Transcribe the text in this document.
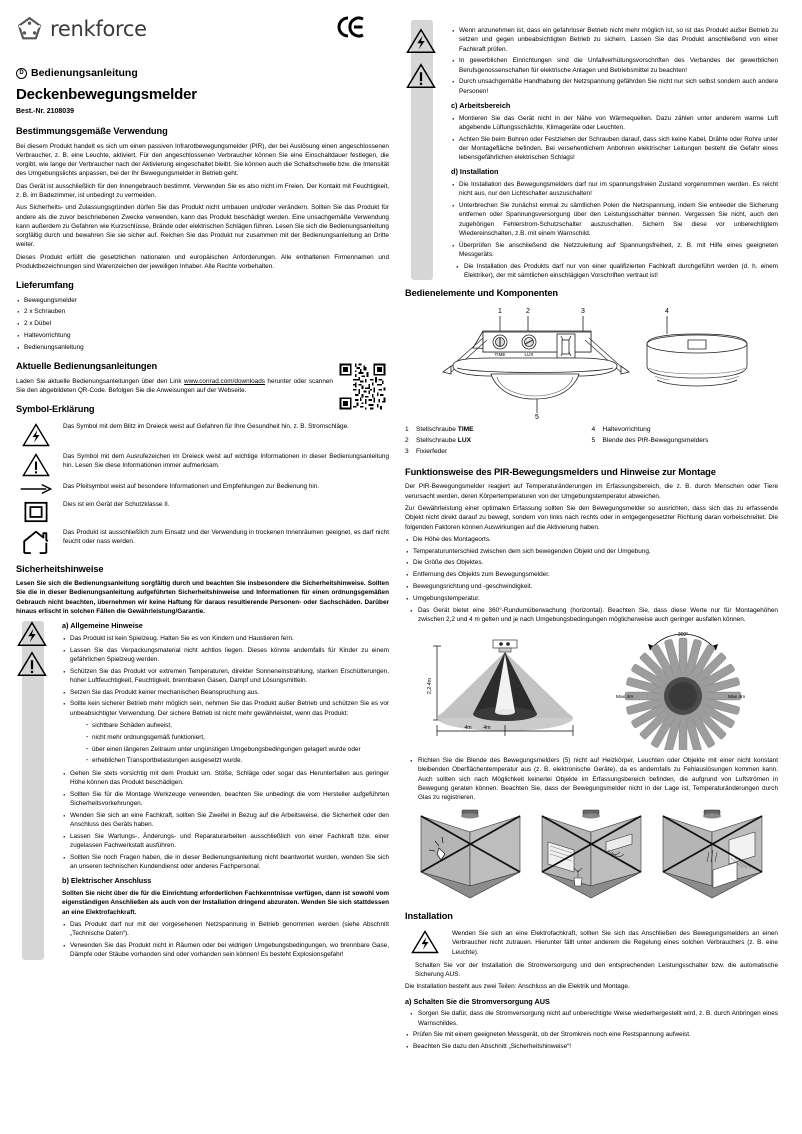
renkforce
D Bedienungsanleitung
Deckenbewegungsmelder
Best.-Nr. 2108039
Bestimmungsgemäße Verwendung

Bei diesem Produkt handelt es sich um einen passiven Infrarotbewegungsmelder (PIR), der bei Auslösung einen angeschlossenen Verbraucher, z. B. eine Leuchte, aktiviert. Für den angeschlossenen Verbraucher können Sie eine Einschaltdauer festlegen, die vorgibt, wie lange der Verbraucher nach der Aktivierung eingeschaltet bleibt. Sie können auch die Schaltschwelle bzw. die Intensität des Umgebungslichts anpassen, bei der Ihr Bewegungsmelder in Betrieb geht.

Das Gerät ist ausschließlich für den Innengebrauch bestimmt. Verwenden Sie es also nicht im Freien. Der Kontakt mit Feuchtigkeit, z. B. im Badezimmer, ist unbedingt zu vermeiden.

Aus Sicherheits- und Zulassungsgründen dürfen Sie das Produkt nicht umbauen und/oder verändern. Sollten Sie das Produkt für andere als die zuvor beschriebenen Zwecke verwenden, kann das Produkt beschädigt werden. Eine unsachgemäße Verwendung kann außerdem zu Gefahren wie Kurzschlüsse, Brände oder elektrischen Schlägen führen. Lesen Sie sich die Bedienungsanleitung sorgfältig durch und bewahren Sie sie sicher auf. Reichen Sie das Produkt nur zusammen mit der Bedienungsanleitung an Dritte weiter.

Dieses Produkt erfüllt die gesetzlichen nationalen und europäischen Anforderungen. Alle enthaltenen Firmennamen und Produktbezeichnungen sind Warenzeichen der jeweiligen Inhaber. Alle Rechte vorbehalten.

Lieferumfang
· Bewegungsmelder
· 2 x Schrauben
· 2 x Dübel
· Haltevorrichtung
· Bedienungsanleitung
Aktuelle Bedienungsanleitungen

Laden Sie aktuelle Bedienungsanleitungen über den Link www.conrad.com/downloads herunter oder scannen Sie den abgebildeten QR-Code. Befolgen Sie die Anweisungen auf der Webseite.

Symbol-Erklärung
Das Symbol mit dem Blitz im Dreieck weist auf Gefahren für Ihre Gesundheit hin, z. B. Stromschläge.
Das Symbol mit dem Ausrufezeichen im Dreieck weist auf wichtige Informationen in dieser Bedienungsanleitung hin. Lesen Sie diese Informationen immer aufmerksam.
Das Pfeilsymbol weist auf besondere Informationen und Empfehlungen zur Bedienung hin.
Dies ist ein Gerät der Schutzklasse II.
Das Produkt ist ausschließlich zum Einsatz und der Verwendung in trockenen Innenräumen geeignet, es darf nicht feucht oder nass werden.
Sicherheitshinweise

Lesen Sie sich die Bedienungsanleitung sorgfältig durch und beachten Sie insbesondere die Sicherheitshinweise. Sollten Sie die in dieser Bedienungsanleitung aufgeführten Sicherheitshinweise und Informationen für einen ordnungsgemäßen Gebrauch nicht beachten, übernehmen wir keine Haftung für daraus resultierende Personen- oder Sachschäden. Darüber hinaus erlischt in solchen Fällen die Gewährleistung/Garantie.

a) Allgemeine Hinweise
· Das Produkt ist kein Spielzeug. Halten Sie es von Kindern und Haustieren fern.
· Lassen Sie das Verpackungsmaterial nicht achtlos liegen. Dieses könnte andernfalls für Kinder zu einem gefährlichen Spielzeug werden.
· Schützen Sie das Produkt vor extremen Temperaturen, direkter Sonneneinstrahlung, starken Erschütterungen, hoher Luftfeuchtigkeit, Feuchtigkeit, brennbaren Gasen, Dampf und Lösungsmitteln.
· Setzen Sie das Produkt keiner mechanischen Beanspruchung aus.
· Sollte kein sicherer Betrieb mehr möglich sein, nehmen Sie das Produkt außer Betrieb und schützen Sie es vor unbeabsichtigter Verwendung. Der sichere Betrieb ist nicht mehr gewährleistet, wenn das Produkt:
- sichtbare Schäden aufweist,
- nicht mehr ordnungsgemäß funktioniert,
- über einen längeren Zeitraum unter ungünstigen Umgebungsbedingungen gelagert wurde oder
- erheblichen Transportbelastungen ausgesetzt wurde.
· Gehen Sie stets vorsichtig mit dem Produkt um. Stöße, Schläge oder sogar das Herunterfallen aus geringer Höhe können das Produkt beschädigen.
· Sollten Sie für die Montage Werkzeuge verwenden, beachten Sie unbedingt die vom Hersteller aufgeführten Sicherheitsvorkehrungen.
· Wenden Sie sich an eine Fachkraft, sollten Sie Zweifel in Bezug auf die Arbeitsweise, die Sicherheit oder den Anschluss des Geräts haben.
· Lassen Sie Wartungs-, Änderungs- und Reparaturarbeiten ausschließlich von einer Fachkraft bzw. einer zugelassen Fachwerkstatt ausführen.
· Sollten Sie noch Fragen haben, die in dieser Bedienungsanleitung nicht beantwortet wurden, wenden Sie sich an unseren technischen Kundendienst oder anderes Fachpersonal.
b) Elektrischer Anschluss

Sollten Sie nicht über die für die Einrichtung erforderlichen Fachkenntnisse verfügen, dann ist sowohl vom eigenständigen Anschließen als auch von der Installation dringend abzuraten. Wenden Sie sich stattdessen an eine Elektrofachkraft.

· Das Produkt darf nur mit der vorgesehenen Netzspannung in Betrieb genommen werden (siehe Abschnitt „Technische Daten“).
· Verwenden Sie das Produkt nicht in Räumen oder bei widrigen Umgebungsbedingungen, wo brennbare Gase, Dämpfe oder Stäube vorhanden sind oder vorhanden sein können! Es besteht Explosionsgefahr!
· Wenn anzunehmen ist, dass ein gefahrloser Betrieb nicht mehr möglich ist, so ist das Produkt außer Betrieb zu setzen und gegen unbeabsichtigten Betrieb zu sichern. Lassen Sie das Produkt anschließend von einer Fachkraft prüfen.
· In gewerblichen Einrichtungen sind die Unfallverhütungsvorschriften des Verbandes der gewerblichen Berufsgenossenschaften für elektrische Anlagen und Betriebsmittel zu beachten!
· Durch unsachgemäße Handhabung der Netzspannung gefährden Sie nicht nur sich selbst sondern auch andere Personen!
c) Arbeitsbereich
· Montieren Sie das Gerät nicht in der Nähe von Wärmequellen. Dazu zählen unter anderem warme Luft abgebende Lüftungsschächte, Klimageräte oder Leuchten.
· Achten Sie beim Bohren oder Festziehen der Schrauben darauf, dass sich keine Kabel, Drähte oder Rohre unter der Montagefläche befinden. Bei versehentlichem Anbohren elektrischer Leitungen besteht die Gefahr eines lebensgefährlichen elektrischen Schlags!
d) Installation
· Die Installation des Bewegungsmelders darf nur im spannungsfreien Zustand vorgenommen werden. Es reicht nicht aus, nur den Lichtschalter auszuschalten!
· Unterbrechen Sie zunächst einmal zu sämtlichen Polen die Netzspannung, indem Sie entweder die Sicherung entfernen oder Spannungsversorgung über den Leistungsschalter trennen. Vergessen Sie nicht, auch den zugehörigen Fehlerstrom-Schutzschalter auszuschalten. Sichern Sie diese vor unberechtigtem Wiedereinschalten, z.B. mit einem Warnschild.
· Überprüfen Sie anschließend die Netzzuleitung auf Spannungsfreiheit, z. B. mit Hilfe eines geeigneten Messgeräts.
· Die Installation des Produkts darf nur von einer qualifizierten Fachkraft durchgeführt werden (d. h. einem Elektriker), der mit sämtlichen einschlägigen Vorschriften vertraut ist!
Bedienelemente und Komponenten
1	2	3	4
5
TIME	LUX
1	Stellschraube TIME
2	Stellschraube LUX
3	Fixierfeder
4	Haltevorrichtung
5	Blende des PIR-Bewegungsmelders
Funktionsweise des PIR-Bewegungsmelders und Hinweise zur Montage

Der PIR-Bewegungsmelder reagiert auf Temperaturänderungen im Erfassungsbereich, die z. B. durch Menschen oder Tiere verursacht werden, deren Körpertemperaturen von der Umgebungstemperatur abweichen.

Zur Gewährleistung einer optimalen Erfassung sollten Sie den Bewegungsmelder so ausrichten, dass sich das zu erfassende Objekt nicht direkt darauf zu bewegt, sondern von links nach rechts oder in entgegengesetzter Richtung daran vorbeischreitet. Die folgenden Faktoren können Auswirkungen auf die Aktivierung haben.

· Die Höhe des Montageorts.
· Temperaturunterschied zwischen dem sich bewegenden Objekt und der Umgebung.
· Die Größe des Objektes.
· Entfernung des Objekts zum Bewegungsmelder.
· Bewegungsrichtung und -geschwindigkeit.
· Umgebungstemperatur.
· Das Gerät bietet eine 360°-Rundumüberwachung (horizontal). Beachten Sie, dass diese Werte nur für Montagehöhen zwischen 2,2 und 4 m gelten und je nach Umgebungsbedingungen möglicherweise auch geringer ausfallen können.
2,2-4m
4m 4m
360°
Max 4m	Max 4m
· Richten Sie die Blende des Bewegungsmelders (5) nicht auf Heizkörper, Leuchten oder Objekte mit einer nicht konstant bleibenden Oberflächentemperatur aus (z. B. elektronische Geräte), da es andernfalls zu Fehlauslösungen kommen kann. Auch sollten sich nach Möglichkeit keinerlei Objekte im Erfassungsbereich befinden, die aufgrund von Luftströmen in Bewegung geraten können. Beachten Sie, dass der Bewegungsmelder nicht in der Lage ist, Temperaturänderungen durch Glas zu registrieren.
Installation
Wenden Sie sich an eine Elektrofachkraft, sollten Sie sich das Anschließen des Bewegungsmelders an einen Verbraucher nicht zutrauen. Hierunter fällt unter anderem die Regelung eines solchen Verbrauchers (z. B. eine Leuchte).

Schalten Sie vor der Installation die Stromversorgung und den entsprechenden Leistungsschalter bzw. die automatische Sicherung AUS.

Die Installation besteht aus zwei Teilen: Anschluss an die Elektrik und Montage.

a) Schalten Sie die Stromversorgung AUS
· Sorgen Sie dafür, dass die Stromversorgung nicht auf unberechtigte Weise wiederhergestellt wird, z. B. durch Anbringen eines Warnschildes.
· Prüfen Sie mit einem geeigneten Messgerät, ob der Stromkreis noch eine Restspannung aufweist.
· Beachten Sie dazu den Abschnitt „Sicherheitshinweise“!
